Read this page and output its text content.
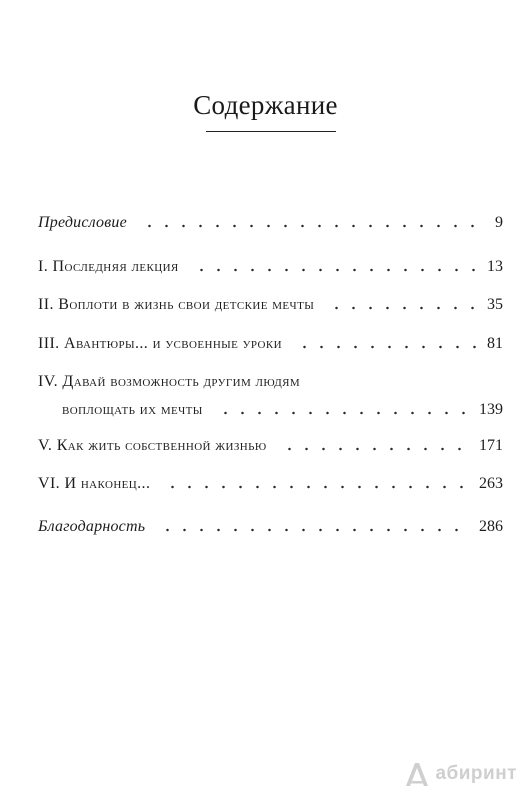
Содержание
Предисловие	9
I. Последняя лекция	13
II. Воплоти в жизнь свои детские мечты	35
III. Авантюры... и усвоенные уроки	81
IV. Давай возможность другим людям
воплощать их мечты	139
V. Как жить собственной жизнью	171
VI. И наконец...	263
Благодарность	286
Л абиринт
